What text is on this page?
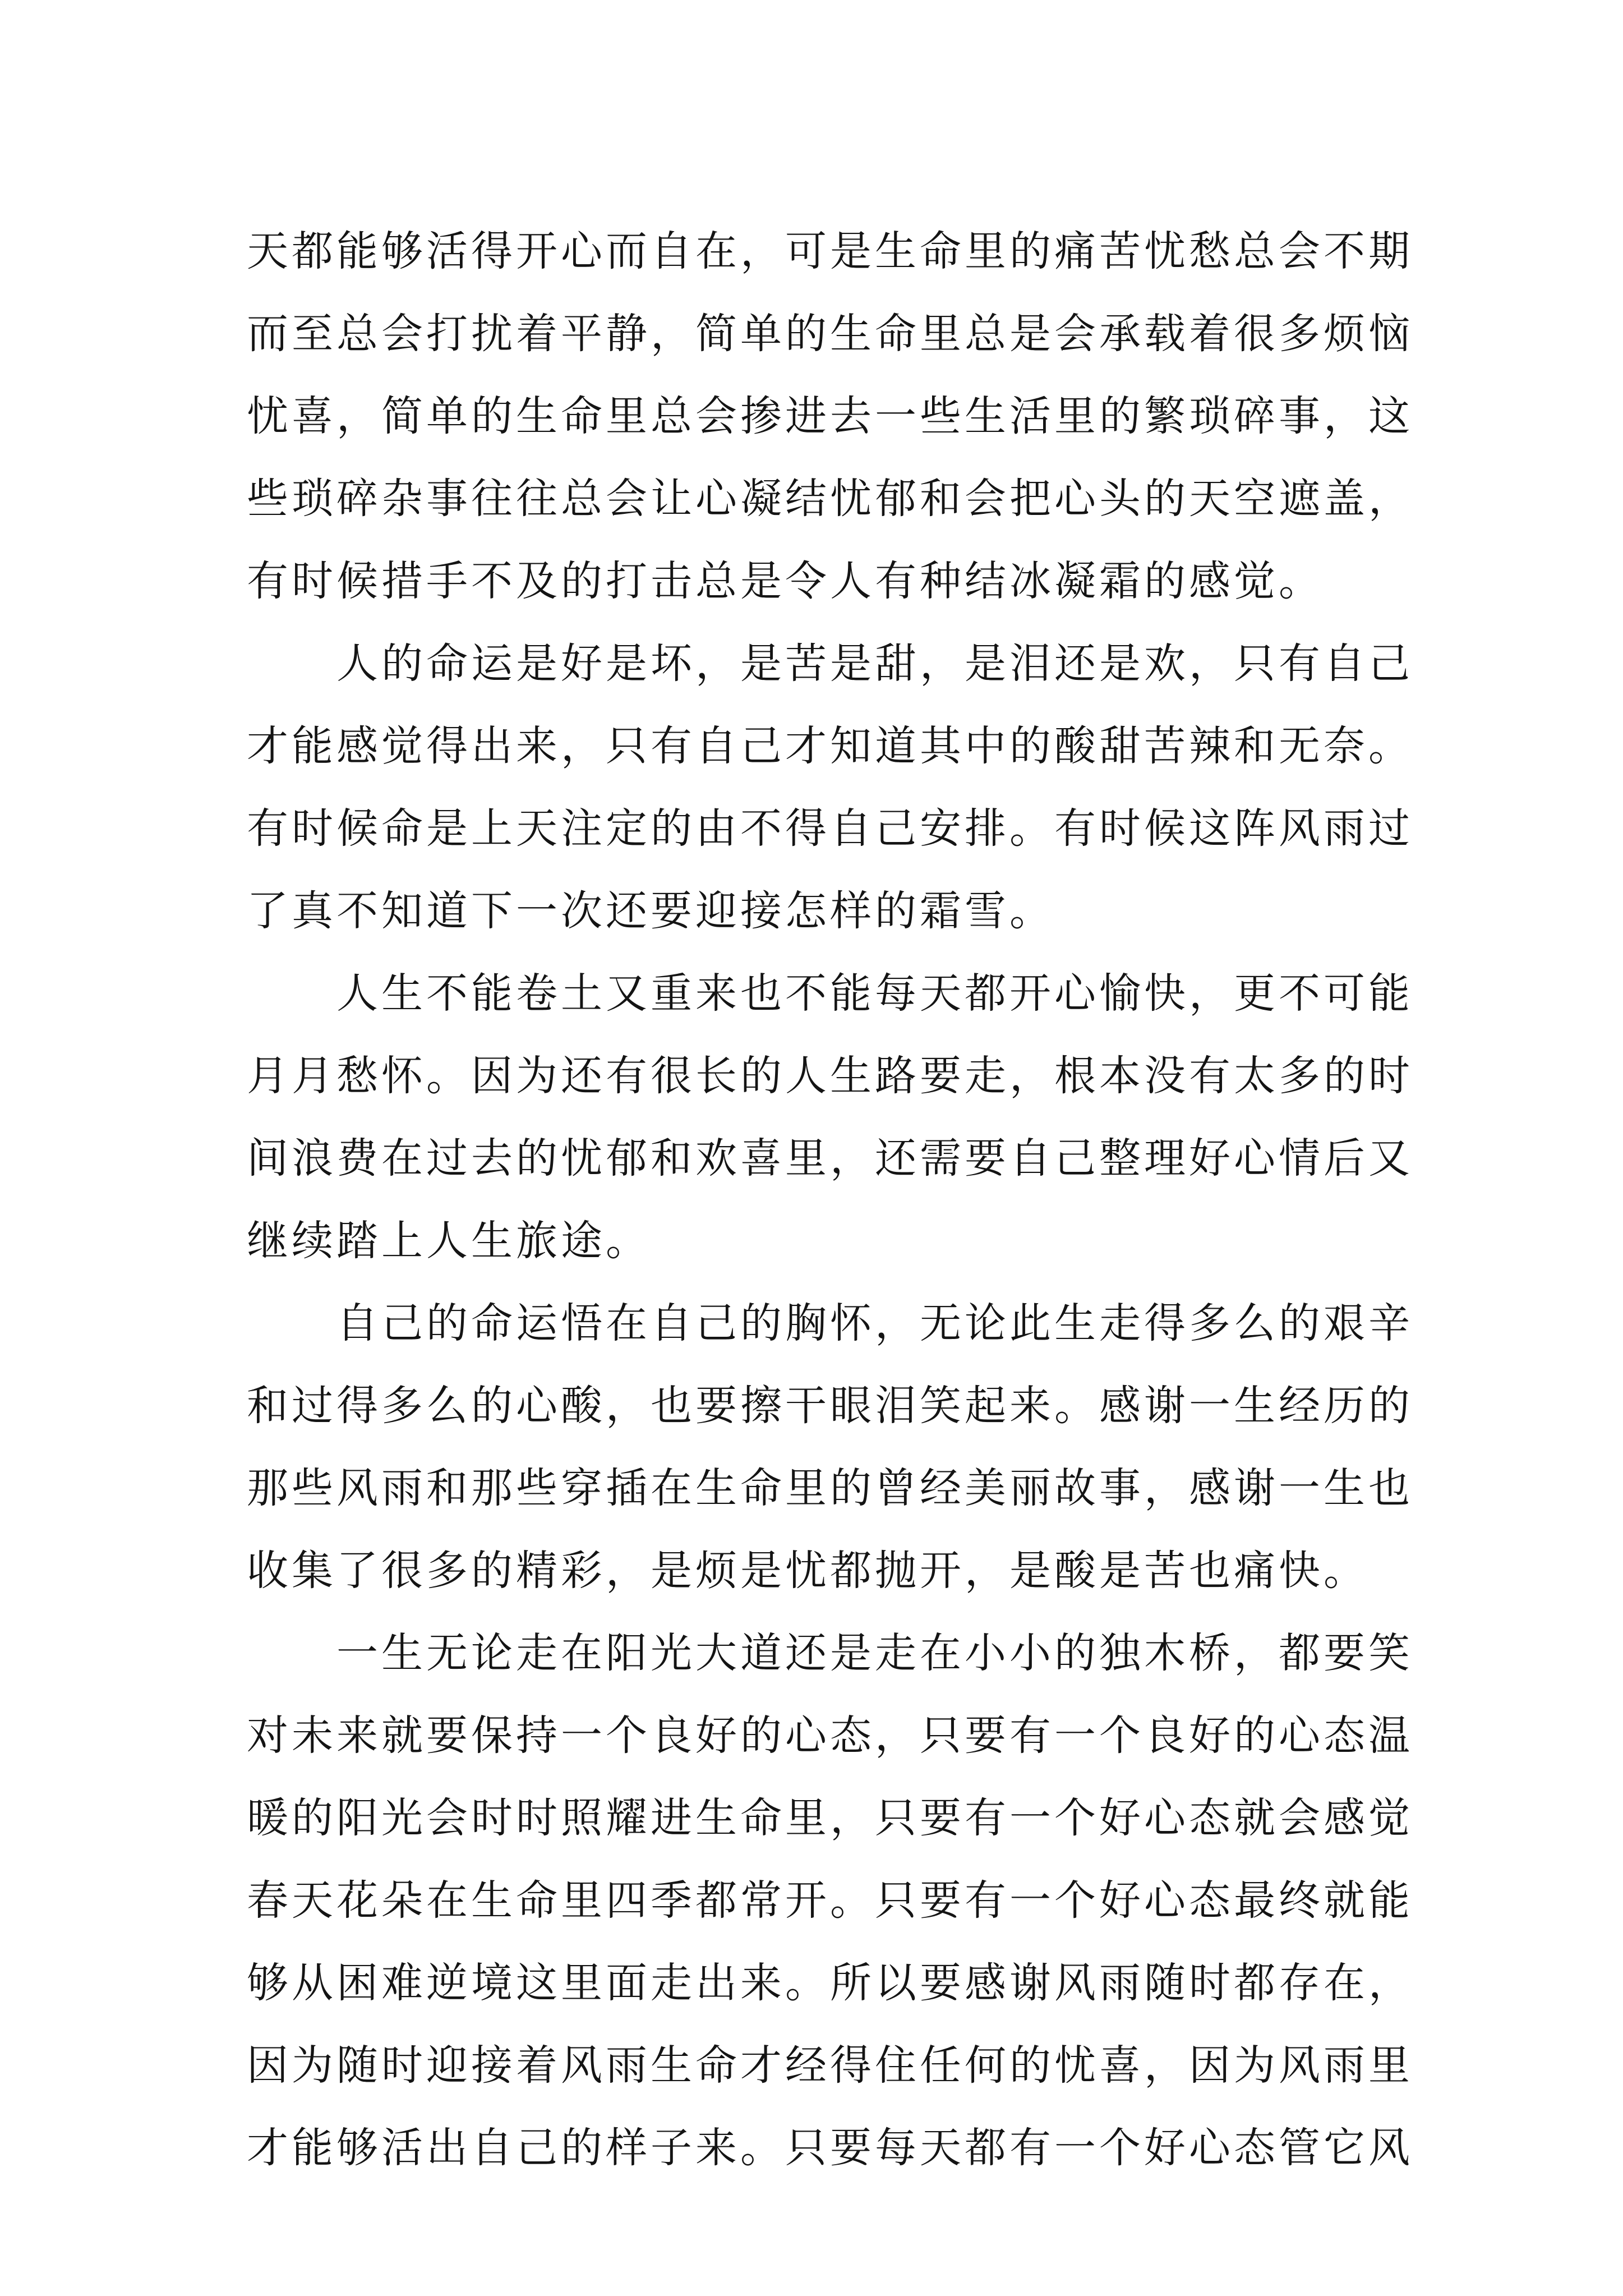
天都能够活得开心而自在，可是生命里的痛苦忧愁总会不期
而至总会打扰着平静，简单的生命里总是会承载着很多烦恼
忧喜，简单的生命里总会掺进去一些生活里的繁琐碎事，这
些琐碎杂事往往总会让心凝结忧郁和会把心头的天空遮盖，
有时候措手不及的打击总是令人有种结冰凝霜的感觉。
人的命运是好是坏，是苦是甜，是泪还是欢，只有自己
才能感觉得出来，只有自己才知道其中的酸甜苦辣和无奈。
有时候命是上天注定的由不得自己安排。有时候这阵风雨过
了真不知道下一次还要迎接怎样的霜雪。
人生不能卷土又重来也不能每天都开心愉快，更不可能
月月愁怀。因为还有很长的人生路要走，根本没有太多的时
间浪费在过去的忧郁和欢喜里，还需要自己整理好心情后又
继续踏上人生旅途。
自己的命运悟在自己的胸怀，无论此生走得多么的艰辛
和过得多么的心酸，也要擦干眼泪笑起来。感谢一生经历的
那些风雨和那些穿插在生命里的曾经美丽故事，感谢一生也
收集了很多的精彩，是烦是忧都抛开，是酸是苦也痛快。
一生无论走在阳光大道还是走在小小的独木桥，都要笑
对未来就要保持一个良好的心态，只要有一个良好的心态温
暖的阳光会时时照耀进生命里，只要有一个好心态就会感觉
春天花朵在生命里四季都常开。只要有一个好心态最终就能
够从困难逆境这里面走出来。所以要感谢风雨随时都存在，
因为随时迎接着风雨生命才经得住任何的忧喜，因为风雨里
才能够活出自己的样子来。只要每天都有一个好心态管它风
